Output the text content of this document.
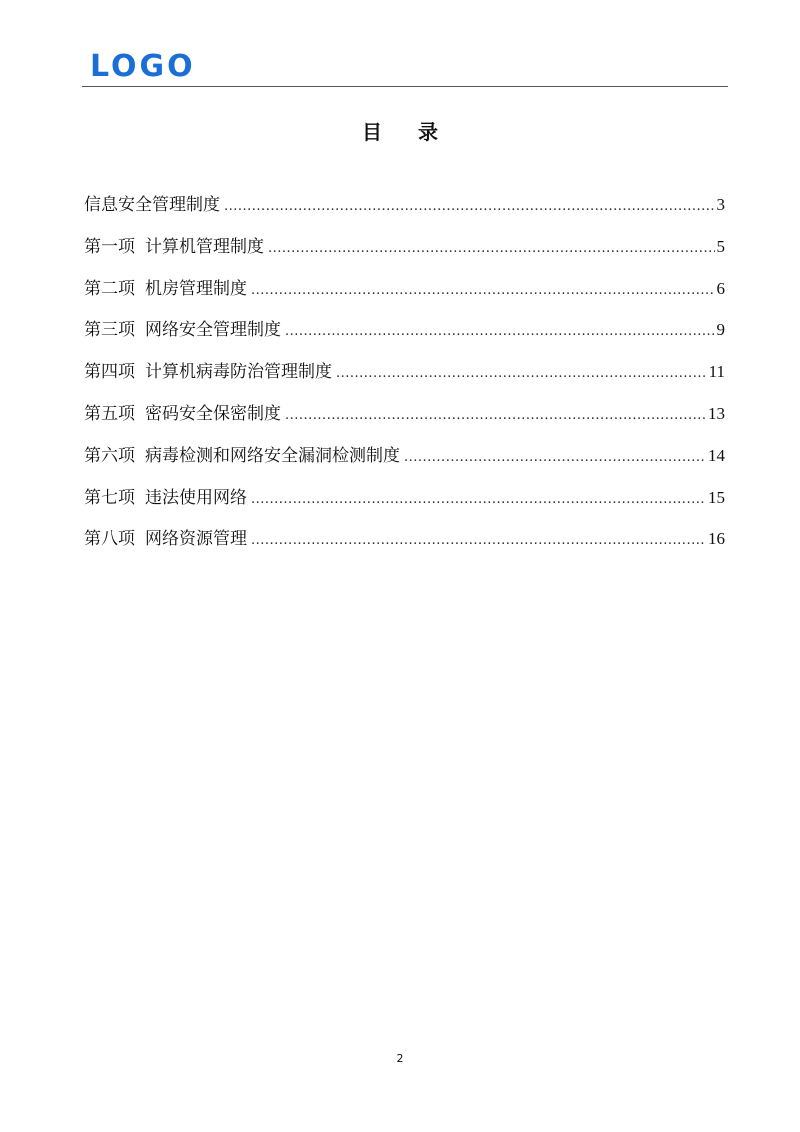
LOGO
目录
信息安全管理制度 .....	3
第一项 计算机管理制度 .....	5
第二项 机房管理制度 .....	6
第三项 网络安全管理制度 .....	9
第四项 计算机病毒防治管理制度 .....	11
第五项 密码安全保密制度 .....	13
第六项 病毒检测和网络安全漏洞检测制度 .....	14
第七项 违法使用网络 .....	15
第八项 网络资源管理 .....	16
2
